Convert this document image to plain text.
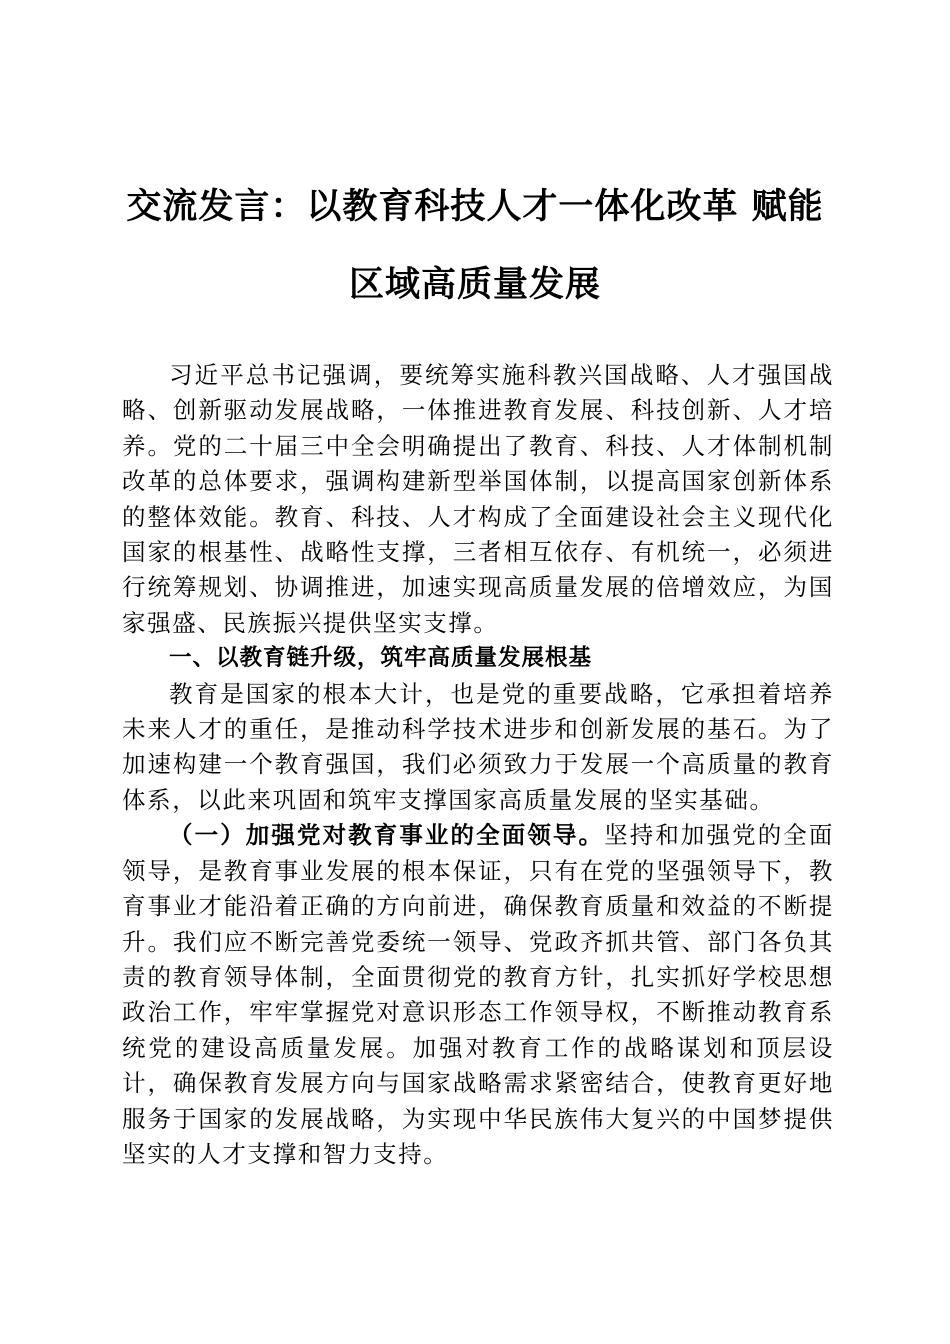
交流发言：以教育科技人才一体化改革 赋能
区域高质量发展

习近平总书记强调，要统筹实施科教兴国战略、人才强国战略、创新驱动发展战略，一体推进教育发展、科技创新、人才培养。党的二十届三中全会明确提出了教育、科技、人才体制机制改革的总体要求，强调构建新型举国体制，以提高国家创新体系的整体效能。教育、科技、人才构成了全面建设社会主义现代化国家的根基性、战略性支撑，三者相互依存、有机统一，必须进行统筹规划、协调推进，加速实现高质量发展的倍增效应，为国家强盛、民族振兴提供坚实支撑。

一、以教育链升级，筑牢高质量发展根基

教育是国家的根本大计，也是党的重要战略，它承担着培养未来人才的重任，是推动科学技术进步和创新发展的基石。为了加速构建一个教育强国，我们必须致力于发展一个高质量的教育体系，以此来巩固和筑牢支撑国家高质量发展的坚实基础。

（一）加强党对教育事业的全面领导。坚持和加强党的全面领导，是教育事业发展的根本保证，只有在党的坚强领导下，教育事业才能沿着正确的方向前进，确保教育质量和效益的不断提升。我们应不断完善党委统一领导、党政齐抓共管、部门各负其责的教育领导体制，全面贯彻党的教育方针，扎实抓好学校思想政治工作，牢牢掌握党对意识形态工作领导权，不断推动教育系统党的建设高质量发展。加强对教育工作的战略谋划和顶层设计，确保教育发展方向与国家战略需求紧密结合，使教育更好地服务于国家的发展战略，为实现中华民族伟大复兴的中国梦提供坚实的人才支撑和智力支持。
